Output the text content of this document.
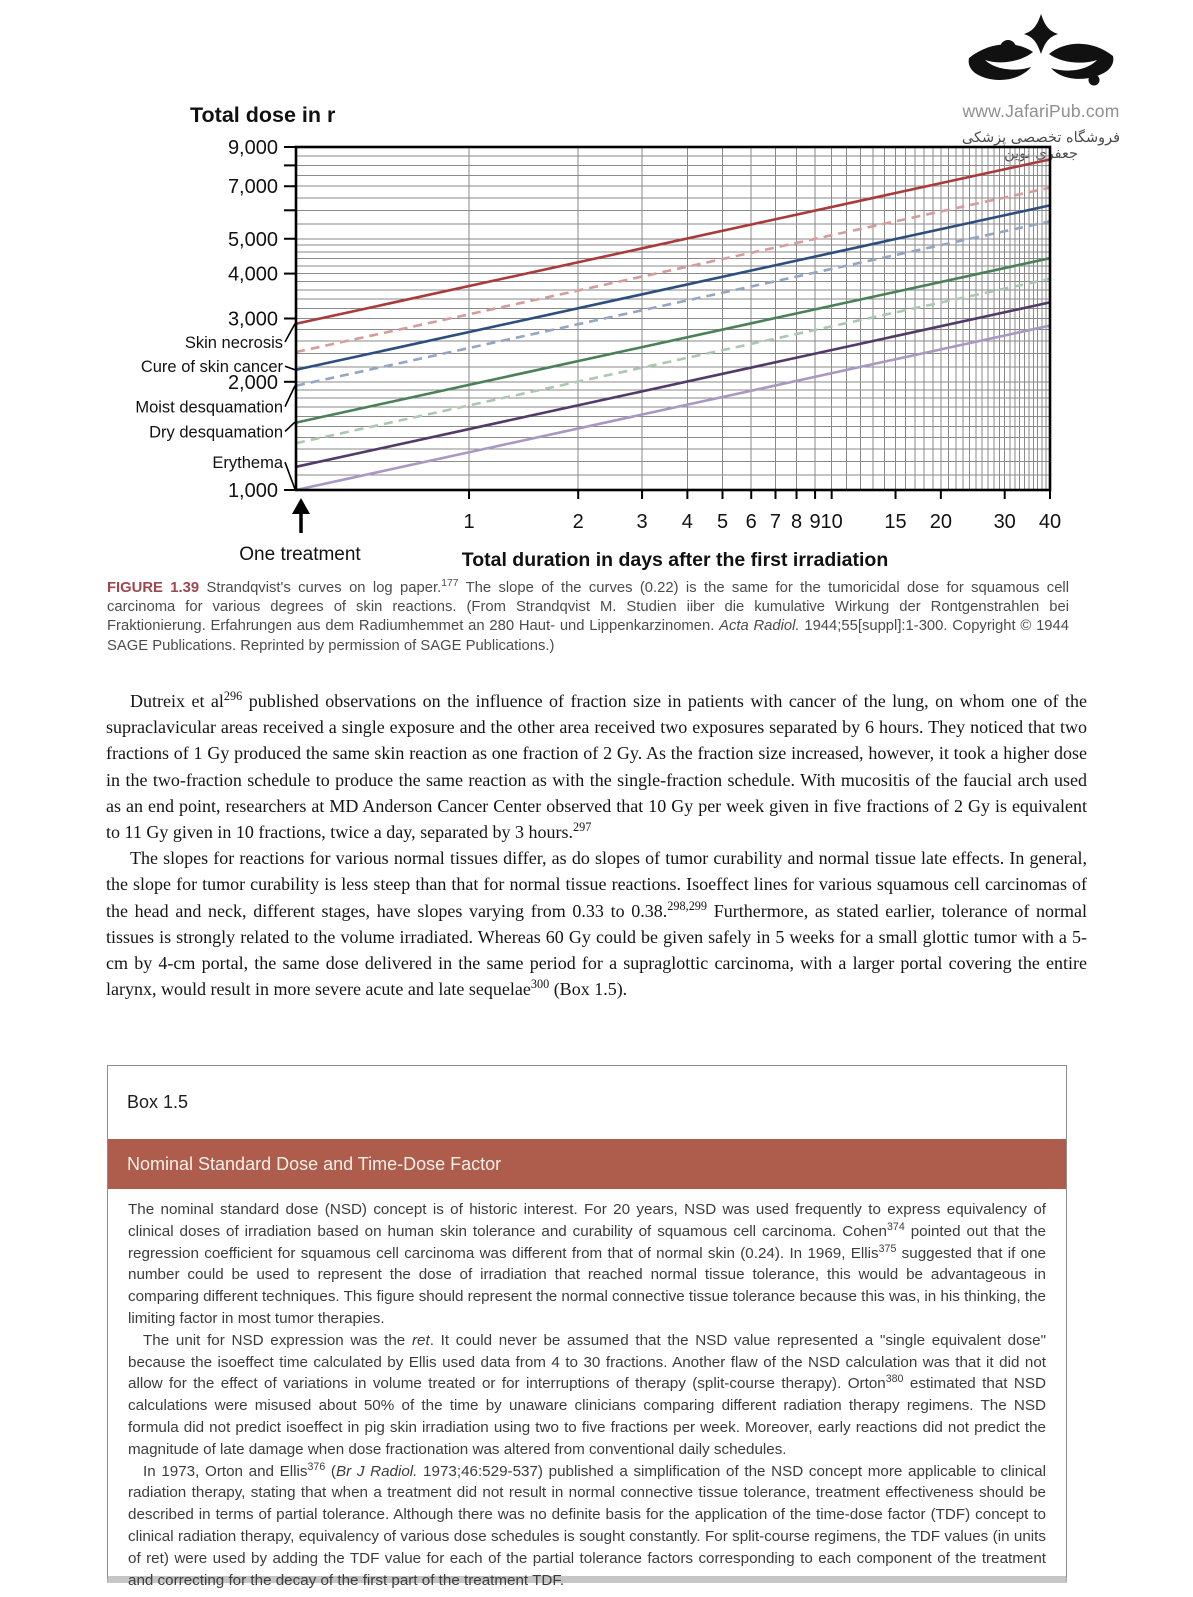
www.JafariPub.com
فروشگاه تخصصی پزشکی جعفری نوین
1	2	3 4 5 6 7 8 9 10 15 20 30 40
1,000
2,000
3,000
4,000
5,000
7,000
9,000
Skin necrosis
Cure of skin cancer
Moist desquamation
Dry desquamation
Erythema
Total dose in r
Total duration in days after the first irradiation
One treatment
FIGURE 1.39 Strandqvist's curves on log paper.$^{177}$ The slope of the curves (0.22) is the same for the tumoricidal dose for squamous cell carcinoma for various degrees of skin reactions. (From Strandqvist M. Studien iiber die kumulative Wirkung der Rontgenstrahlen bei Fraktionierung. Erfahrungen aus dem Radiumhemmet an 280 Haut- und Lippenkarzinomen. Acta Radiol. 1944;55[suppl]:1-300. Copyright © 1944 SAGE Publications. Reprinted by permission of SAGE Publications.)

Dutreix et $al^{296}$ published observations on the influence of fraction size in patients with cancer of the lung, on whom one of the supraclavicular areas received a single exposure and the other area received two exposures separated by 6 hours. They noticed that two fractions of 1 Gy produced the same skin reaction as one fraction of 2 Gy. As the fraction size increased, however, it took a higher dose in the two-fraction schedule to produce the same reaction as with the single-fraction schedule. With mucositis of the faucial arch used as an end point, researchers at MD Anderson Cancer Center observed that 10 Gy per week given in five fractions of 2 Gy is equivalent to 11 Gy given in 10 fractions, twice a day, separated by 3 hours.$^{297}$

The slopes for reactions for various normal tissues differ, as do slopes of tumor curability and normal tissue late effects. In general, the slope for tumor curability is less steep than that for normal tissue reactions. Isoeffect lines for various squamous cell carcinomas of the head and neck, different stages, have slopes varying from 0.33 to 0.38.$^{298,299}$ Furthermore, as stated earlier, tolerance of normal tissues is strongly related to the volume irradiated. Whereas 60 Gy could be given safely in 5 weeks for a small glottic tumor with a 5-cm by 4-cm portal, the same dose delivered in the same period for a supraglottic carcinoma, with a larger portal covering the entire larynx, would result in more severe acute and late sequelae$^{300}$ (Box 1.5).

Box 1.5
Nominal Standard Dose and Time-Dose Factor

The nominal standard dose (NSD) concept is of historic interest. For 20 years, NSD was used frequently to express equivalency of clinical doses of irradiation based on human skin tolerance and curability of squamous cell carcinoma. Cohen$^{374}$ pointed out that the regression coefficient for squamous cell carcinoma was different from that of normal skin (0.24). In 1969, Ellis$^{375}$ suggested that if one number could be used to represent the dose of irradiation that reached normal tissue tolerance, this would be advantageous in comparing different techniques. This figure should represent the normal connective tissue tolerance because this was, in his thinking, the limiting factor in most tumor therapies.

The unit for NSD expression was the ret. It could never be assumed that the NSD value represented a "single equivalent dose" because the isoeffect time calculated by Ellis used data from 4 to 30 fractions. Another flaw of the NSD calculation was that it did not allow for the effect of variations in volume treated or for interruptions of therapy (split-course therapy). Orton$^{380}$ estimated that NSD calculations were misused about 50% of the time by unaware clinicians comparing different radiation therapy regimens. The NSD formula did not predict isoeffect in pig skin irradiation using two to five fractions per week. Moreover, early reactions did not predict the magnitude of late damage when dose fractionation was altered from conventional daily schedules.

In 1973, Orton and Ellis$^{376}$ (Br J Radiol. 1973;46:529-537) published a simplification of the NSD concept more applicable to clinical radiation therapy, stating that when a treatment did not result in normal connective tissue tolerance, treatment effectiveness should be described in terms of partial tolerance. Although there was no definite basis for the application of the time-dose factor (TDF) concept to clinical radiation therapy, equivalency of various dose schedules is sought constantly. For split-course regimens, the TDF values (in units of ret) were used by adding the TDF value for each of the partial tolerance factors corresponding to each component of the treatment and correcting for the decay of the first part of the treatment TDF.
